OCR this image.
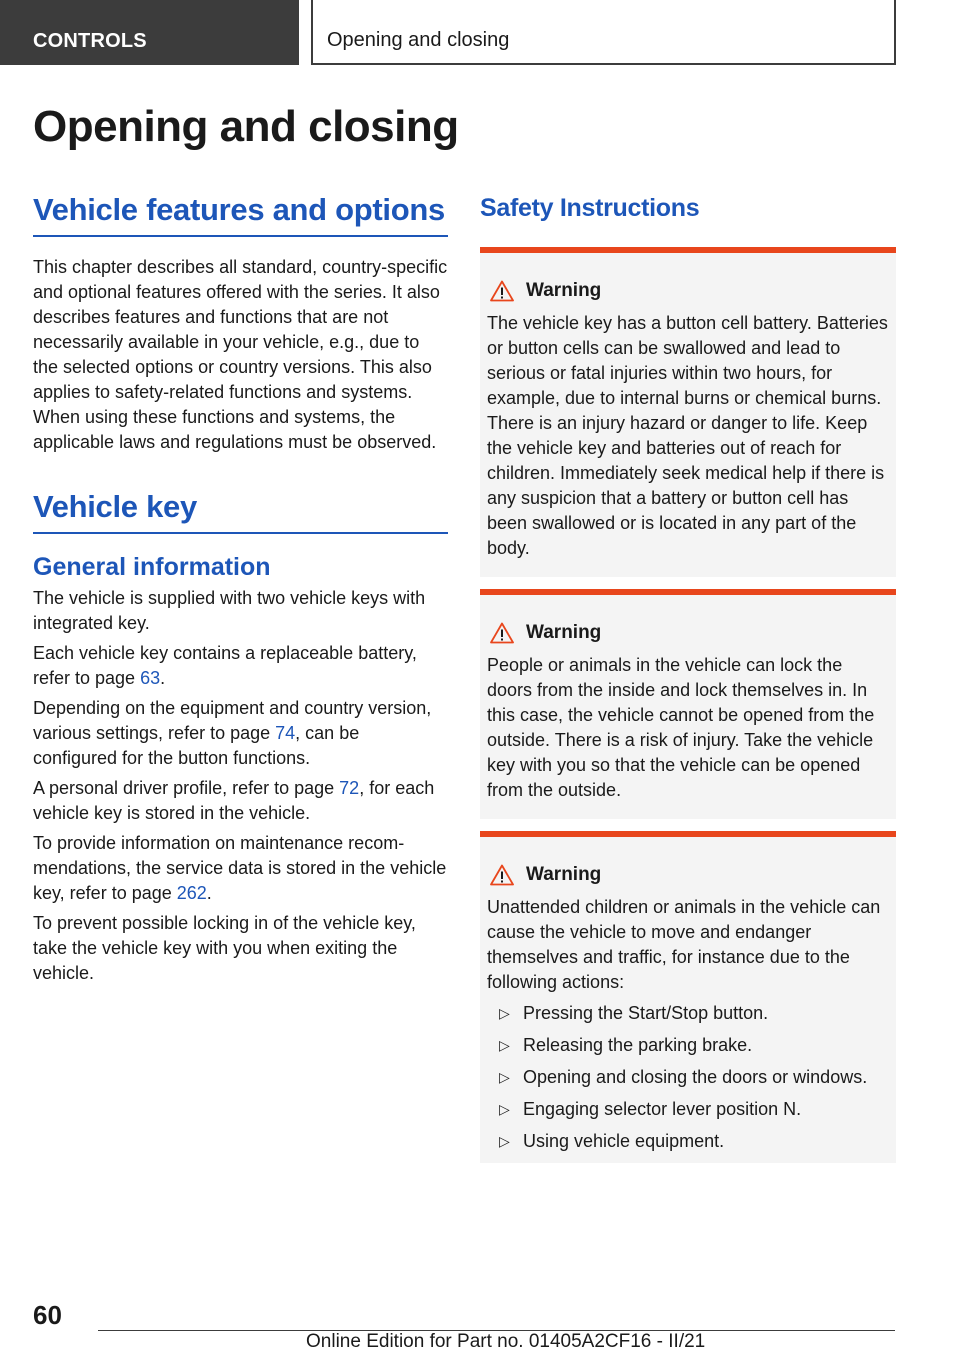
CONTROLS	Opening and closing
Opening and closing
Vehicle features and options

This chapter describes all standard, country-specific and optional features offered with the series. It also describes features and functions that are not necessarily available in your vehicle, e.g., due to the selected options or country versions. This also applies to safety-related functions and systems. When using these functions and systems, the applicable laws and regulations must be observed.

Vehicle key
General information

The vehicle is supplied with two vehicle keys with integrated key.

Each vehicle key contains a replaceable battery, refer to page 63.

Depending on the equipment and country version, various settings, refer to page 74, can be configured for the button functions.

A personal driver profile, refer to page 72, for each vehicle key is stored in the vehicle.

To provide information on maintenance recommendations, the service data is stored in the vehicle key, refer to page 262.

To prevent possible locking in of the vehicle key, take the vehicle key with you when exiting the vehicle.

Safety Instructions
Warning

The vehicle key has a button cell battery. Batteries or button cells can be swallowed and lead to serious or fatal injuries within two hours, for example, due to internal burns or chemical burns. There is an injury hazard or danger to life. Keep the vehicle key and batteries out of reach for children. Immediately seek medical help if there is any suspicion that a battery or button cell has been swallowed or is located in any part of the body.

Warning

People or animals in the vehicle can lock the doors from the inside and lock themselves in. In this case, the vehicle cannot be opened from the outside. There is a risk of injury. Take the vehicle key with you so that the vehicle can be opened from the outside.

Warning

Unattended children or animals in the vehicle can cause the vehicle to move and endanger themselves and traffic, for instance due to the following actions:

▷ Pressing the Start/Stop button.
▷ Releasing the parking brake.
▷ Opening and closing the doors or windows.
▷ Engaging selector lever position N.
▷ Using vehicle equipment.
60
Online Edition for Part no. 01405A2CF16 - II/21
